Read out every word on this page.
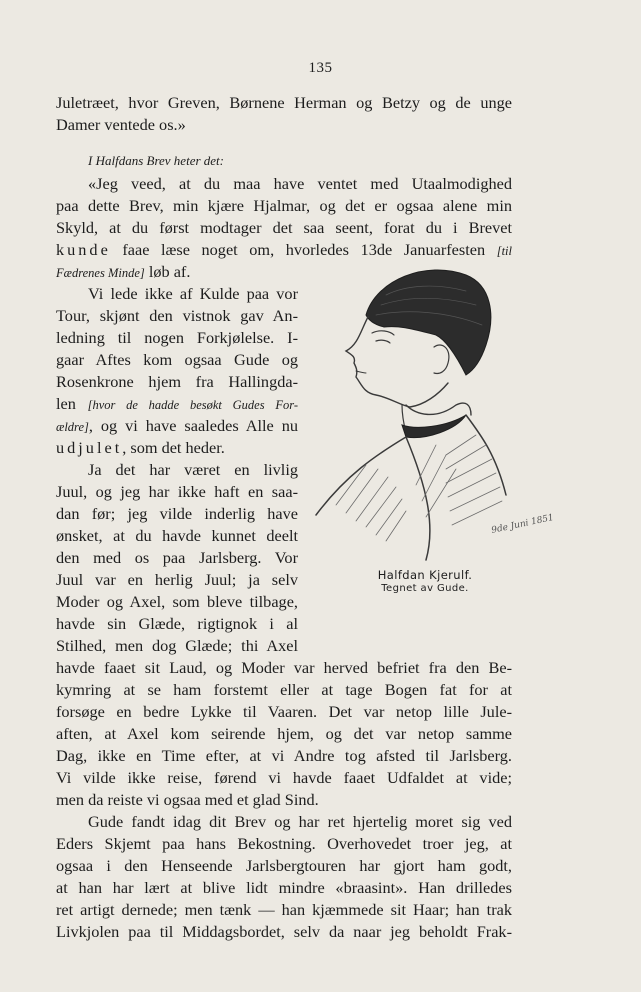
135
Juletræet, hvor Greven, Børnene Herman og Betzy og de unge
Damer ventede os.»
I Halfdans Brev heter det:
«Jeg veed, at du maa have ventet med Utaalmodighed
paa dette Brev, min kjære Hjalmar, og det er ogsaa alene min
Skyld, at du først modtager det saa seent, forat du i Brevet
kunde faae læse noget om, hvorledes 13de Januarfesten [til
Fædrenes Minde] løb af.
Vi lede ikke af Kulde paa vor
Tour, skjønt den vistnok gav An-
ledning til nogen Forkjølelse. I-
gaar Aftes kom ogsaa Gude og
Rosenkrone hjem fra Hallingda-
len [hvor de hadde besøkt Gudes For-
ældre], og vi have saaledes Alle nu
udjulet, som det heder.
Ja det har været en livlig
Juul, og jeg har ikke haft en saa-
dan før; jeg vilde inderlig have
ønsket, at du havde kunnet deelt
den med os paa Jarlsberg. Vor
Juul var en herlig Juul; ja selv
Moder og Axel, som bleve tilbage,
havde sin Glæde, rigtignok i al
Stilhed, men dog Glæde; thi Axel
havde faaet sit Laud, og Moder var herved befriet fra den Be-
kymring at se ham forstemt eller at tage Bogen fat for at
forsøge en bedre Lykke til Vaaren. Det var netop lille Jule-
aften, at Axel kom seirende hjem, og det var netop samme
Dag, ikke en Time efter, at vi Andre tog afsted til Jarlsberg.
Vi vilde ikke reise, førend vi havde faaet Udfaldet at vide;
men da reiste vi ogsaa med et glad Sind.
Gude fandt idag dit Brev og har ret hjertelig moret sig ved
Eders Skjemt paa hans Bekostning. Overhovedet troer jeg, at
ogsaa i den Henseende Jarlsbergtouren har gjort ham godt,
at han har lært at blive lidt mindre «braasint». Han drilledes
ret artigt dernede; men tænk — han kjæmmede sit Haar; han trak
Livkjolen paa til Middagsbordet, selv da naar jeg beholdt Frak-
9de Juni 1851
Halfdan Kjerulf.
Tegnet av Gude.
